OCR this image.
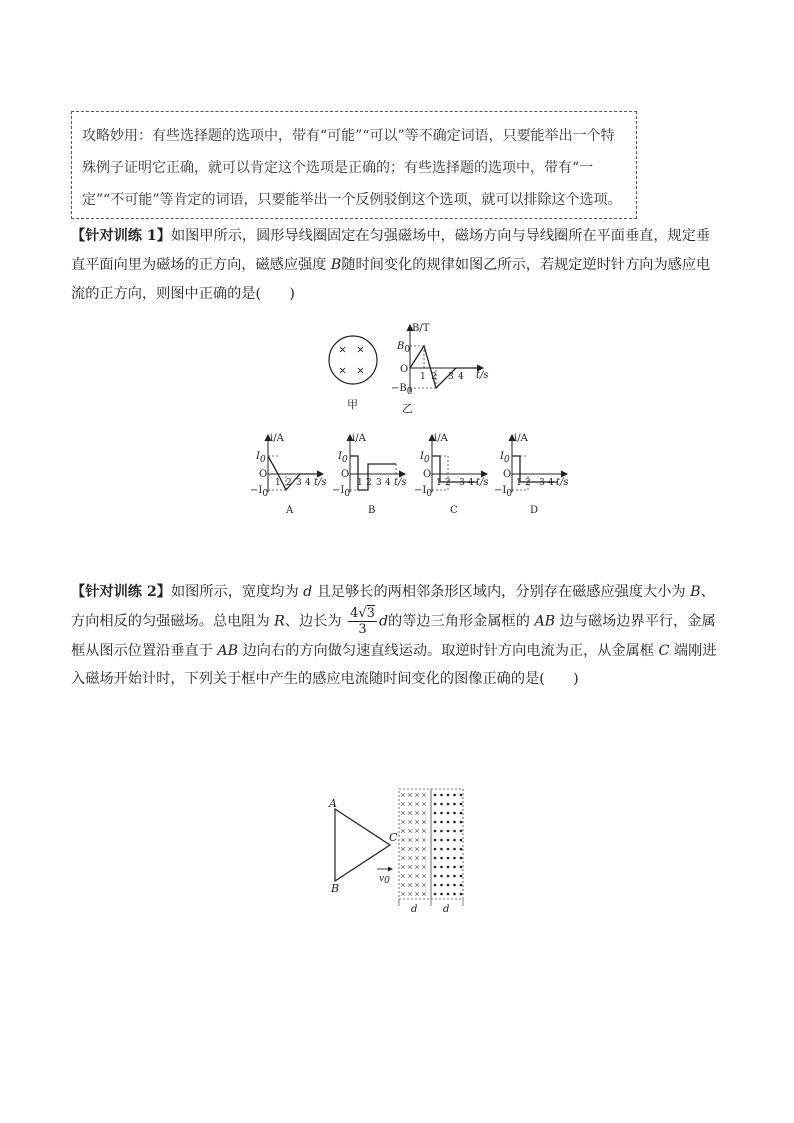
攻略妙用：有些选择题的选项中，带有“可能”“可以”等不确定词语，只要能举出一个特殊例子证明它正确，就可以肯定这个选项是正确的；有些选择题的选项中，带有“一定”“不可能”等肯定的词语，只要能举出一个反例驳倒这个选项，就可以排除这个选项。
【针对训练 1】如图甲所示，圆形导线圈固定在匀强磁场中，磁场方向与导线圈所在平面垂直，规定垂直平面向里为磁场的正方向，磁感应强度 B随时间变化的规律如图乙所示，若规定逆时针方向为感应电流的正方向，则图中正确的是(　　)
甲
B/T
B0
O
−B0
1 2 3 4 t/s
乙
i/A
I0
O
−I0
1 2 3 4 t/s
A
i/A
I0
O
−I0
1 2 3 4 t/s
B
i/A
I0
O
−I0
1 2 3 4 t/s
C
i/A
I0
O
−I0
1 2 3 4 t/s
D
【针对训练 2】如图所示，宽度均为 d 且足够长的两相邻条形区域内，分别存在磁感应强度大小为 B、方向相反的匀强磁场。总电阻为 R、边长为 $\frac{4√3}{3}$ d的等边三角形金属框的 AB 边与磁场边界平行，金属框从图示位置沿垂直于 AB 边向右的方向做匀速直线运动。取逆时针方向电流为正，从金属框 C 端刚进入磁场开始计时，下列关于框中产生的感应电流随时间变化的图像正确的是(　　)
A
B
C
v0
d	d
